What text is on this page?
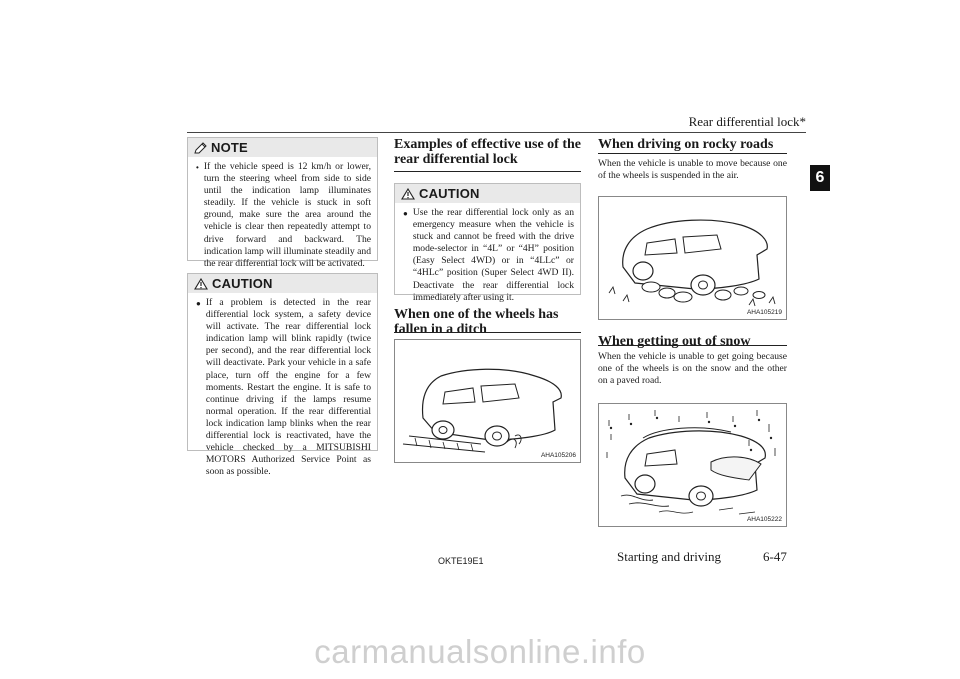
Rear differential lock*
6
NOTE
• If the vehicle speed is 12 km/h or lower, turn the steering wheel from side to side until the indication lamp illuminates steadily. If the vehicle is stuck in soft ground, make sure the area around the vehicle is clear then repeatedly attempt to drive forward and backward. The indication lamp will illuminate steadily and the rear differential lock will be activated.
CAUTION
● If a problem is detected in the rear differential lock system, a safety device will activate. The rear differential lock indication lamp will blink rapidly (twice per second), and the rear differential lock will deactivate. Park your vehicle in a safe place, turn off the engine for a few moments. Restart the engine. It is safe to continue driving if the lamps resume normal operation. If the rear differential lock indication lamp blinks when the rear differential lock is reactivated, have the vehicle checked by a MITSUBISHI MOTORS Authorized Service Point as soon as possible.
Examples of effective use of the rear differential lock
CAUTION
● Use the rear differential lock only as an emergency measure when the vehicle is stuck and cannot be freed with the drive mode-selector in “4L” or “4H” position (Easy Select 4WD) or in “4LLc” or “4HLc” position (Super Select 4WD II). Deactivate the rear differential lock immediately after using it.
When one of the wheels has fallen in a ditch
AHA105206
When driving on rocky roads
When the vehicle is unable to move because one of the wheels is suspended in the air.
AHA105219
When getting out of snow
When the vehicle is unable to get going because one of the wheels is on the snow and the other on a paved road.
AHA105222
OKTE19E1	Starting and driving	6-47
carmanualsonline.info
